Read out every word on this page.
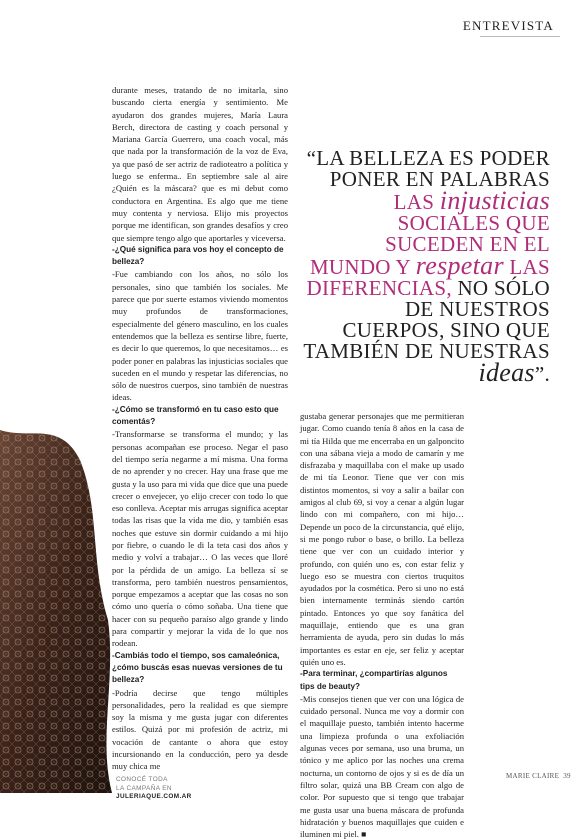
ENTREVISTA

durante meses, tratando de no imitarla, sino buscando cierta energía y sentimiento. Me ayudaron dos grandes mujeres, María Laura Berch, directora de casting y coach personal y Mariana García Guerrero, una coach vocal, más que nada por la transformación de la voz de Eva, ya que pasó de ser actriz de radioteatro a política y luego se enferma.. En septiembre sale al aire ¿Quién es la máscara? que es mi debut como conductora en Argentina. Es algo que me tiene muy contenta y nerviosa. Elijo mis proyectos porque me identifican, son grandes desafíos y creo que siempre tengo algo que aportarles y viceversa.

-¿Qué significa para vos hoy el concepto de belleza?

-Fue cambiando con los años, no sólo los personales, sino que también los sociales. Me parece que por suerte estamos viviendo momentos muy profundos de transformaciones, especialmente del género masculino, en los cuales entendemos que la belleza es sentirse libre, fuerte, es decir lo que queremos, lo que necesitamos… es poder poner en palabras las injusticias sociales que suceden en el mundo y respetar las diferencias, no sólo de nuestros cuerpos, sino también de nuestras ideas.

-¿Cómo se transformó en tu caso esto que comentás?

-Transformarse se transforma el mundo; y las personas acompañan ese proceso. Negar el paso del tiempo sería negarme a mí misma. Una forma de no aprender y no crecer. Hay una frase que me gusta y la uso para mi vida que dice que una puede crecer o envejecer, yo elijo crecer con todo lo que eso conlleva. Aceptar mis arrugas significa aceptar todas las risas que la vida me dio, y también esas noches que estuve sin dormir cuidando a mi hijo por fiebre, o cuando le di la teta casi dos años y medio y volví a trabajar… O las veces que lloré por la pérdida de un amigo. La belleza sí se transforma, pero también nuestros pensamientos, porque empezamos a aceptar que las cosas no son cómo uno quería o cómo soñaba. Una tiene que hacer con su pequeño paraíso algo grande y lindo para compartir y mejorar la vida de lo que nos rodean.

-Cambiás todo el tiempo, sos camaleónica, ¿cómo buscás esas nuevas versiones de tu belleza?

-Podría decirse que tengo múltiples personalidades, pero la realidad es que siempre soy la misma y me gusta jugar con diferentes estilos. Quizá por mi profesión de actriz, mi vocación de cantante o ahora que estoy incursionando en la conducción, pero ya desde muy chica me

“LA BELLEZA ES PODER PONER EN PALABRAS LAS injusticias SOCIALES QUE SUCEDEN EN EL MUNDO Y respetar LAS DIFERENCIAS, NO SÓLO DE NUESTROS CUERPOS, SINO QUE TAMBIÉN DE NUESTRAS ideas”.

gustaba generar personajes que me permitieran jugar. Como cuando tenía 8 años en la casa de mi tía Hilda que me encerraba en un galponcito con una sábana vieja a modo de camarín y me disfrazaba y maquillaba con el make up usado de mi tía Leonor. Tiene que ver con mis distintos momentos, si voy a salir a bailar con amigos al club 69, si voy a cenar a algún lugar lindo con mi compañero, con mi hijo… Depende un poco de la circunstancia, qué elijo, si me pongo rubor o base, o brillo. La belleza tiene que ver con un cuidado interior y profundo, con quién uno es, con estar feliz y luego eso se muestra con ciertos truquitos ayudados por la cosmética. Pero si uno no está bien internamente terminás siendo cartón pintado. Entonces yo que soy fanática del maquillaje, entiendo que es una gran herramienta de ayuda, pero sin dudas lo más importantes es estar en eje, ser feliz y aceptar quién uno es.

-Para terminar, ¿compartirías algunos tips de beauty?

-Mis consejos tienen que ver con una lógica de cuidado personal. Nunca me voy a dormir con el maquillaje puesto, también intento hacerme una limpieza profunda o una exfoliación algunas veces por semana, uso una bruma, un tónico y me aplico por las noches una crema nocturna, un contorno de ojos y si es de día un filtro solar, quizá una BB Cream con algo de color. Por supuesto que si tengo que trabajar me gusta usar una buena máscara de profunda hidratación y buenos maquillajes que cuiden e iluminen mi piel. ■

CONOCÉ TODA
LA CAMPAÑA EN
JULERIAQUE.COM.AR
MARIE CLAIRE 39
